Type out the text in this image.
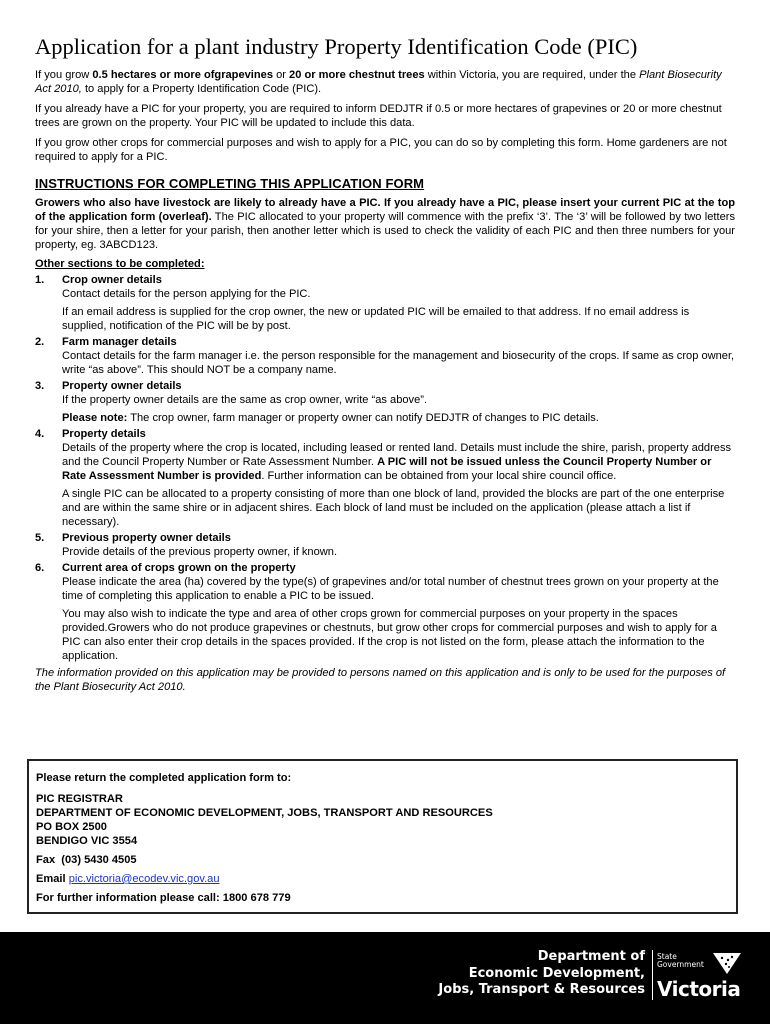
Application for a plant industry Property Identification Code (PIC)

If you grow 0.5 hectares or more ofgrapevines or 20 or more chestnut trees within Victoria, you are required, under the Plant Biosecurity Act 2010, to apply for a Property Identification Code (PIC).

If you already have a PIC for your property, you are required to inform DEDJTR if 0.5 or more hectares of grapevines or 20 or more chestnut trees are grown on the property. Your PIC will be updated to include this data.

If you grow other crops for commercial purposes and wish to apply for a PIC, you can do so by completing this form. Home gardeners are not required to apply for a PIC.

INSTRUCTIONS FOR COMPLETING THIS APPLICATION FORM

Growers who also have livestock are likely to already have a PIC. If you already have a PIC, please insert your current PIC at the top of the application form (overleaf). The PIC allocated to your property will commence with the prefix ‘3’. The ‘3’ will be followed by two letters for your shire, then a letter for your parish, then another letter which is used to check the validity of each PIC and then three numbers for your property, eg. 3ABCD123.

Other sections to be completed:

1.	Crop owner details

Contact details for the person applying for the PIC.

If an email address is supplied for the crop owner, the new or updated PIC will be emailed to that address. If no email address is supplied, notification of the PIC will be by post.

2.	Farm manager details

Contact details for the farm manager i.e. the person responsible for the management and biosecurity of the crops. If same as crop owner, write “as above”. This should NOT be a company name.

3.	Property owner details

If the property owner details are the same as crop owner, write “as above”.

Please note: The crop owner, farm manager or property owner can notify DEDJTR of changes to PIC details.

4.	Property details

Details of the property where the crop is located, including leased or rented land. Details must include the shire, parish, property address and the Council Property Number or Rate Assessment Number. A PIC will not be issued unless the Council Property Number or Rate Assessment Number is provided. Further information can be obtained from your local shire council office.

A single PIC can be allocated to a property consisting of more than one block of land, provided the blocks are part of the one enterprise and are within the same shire or in adjacent shires. Each block of land must be included on the application (please attach a list if necessary).

5.	Previous property owner details

Provide details of the previous property owner, if known.

6.	Current area of crops grown on the property

Please indicate the area (ha) covered by the type(s) of grapevines and/or total number of chestnut trees grown on your property at the time of completing this application to enable a PIC to be issued.

You may also wish to indicate the type and area of other crops grown for commercial purposes on your property in the spaces provided.Growers who do not produce grapevines or chestnuts, but grow other crops for commercial purposes and wish to apply for a PIC can also enter their crop details in the spaces provided. If the crop is not listed on the form, please attach the information to the application.

The information provided on this application may be provided to persons named on this application and is only to be used for the purposes of the Plant Biosecurity Act 2010.

Please return the completed application form to:

PIC REGISTRAR

DEPARTMENT OF ECONOMIC DEVELOPMENT, JOBS, TRANSPORT AND RESOURCES

PO BOX 2500

BENDIGO VIC 3554

Fax  (03) 5430 4505

Email pic.victoria@ecodev.vic.gov.au

For further information please call: 1800 678 779

Department of
Economic Development,
Jobs, Transport & Resources
State
Government
Victoria
